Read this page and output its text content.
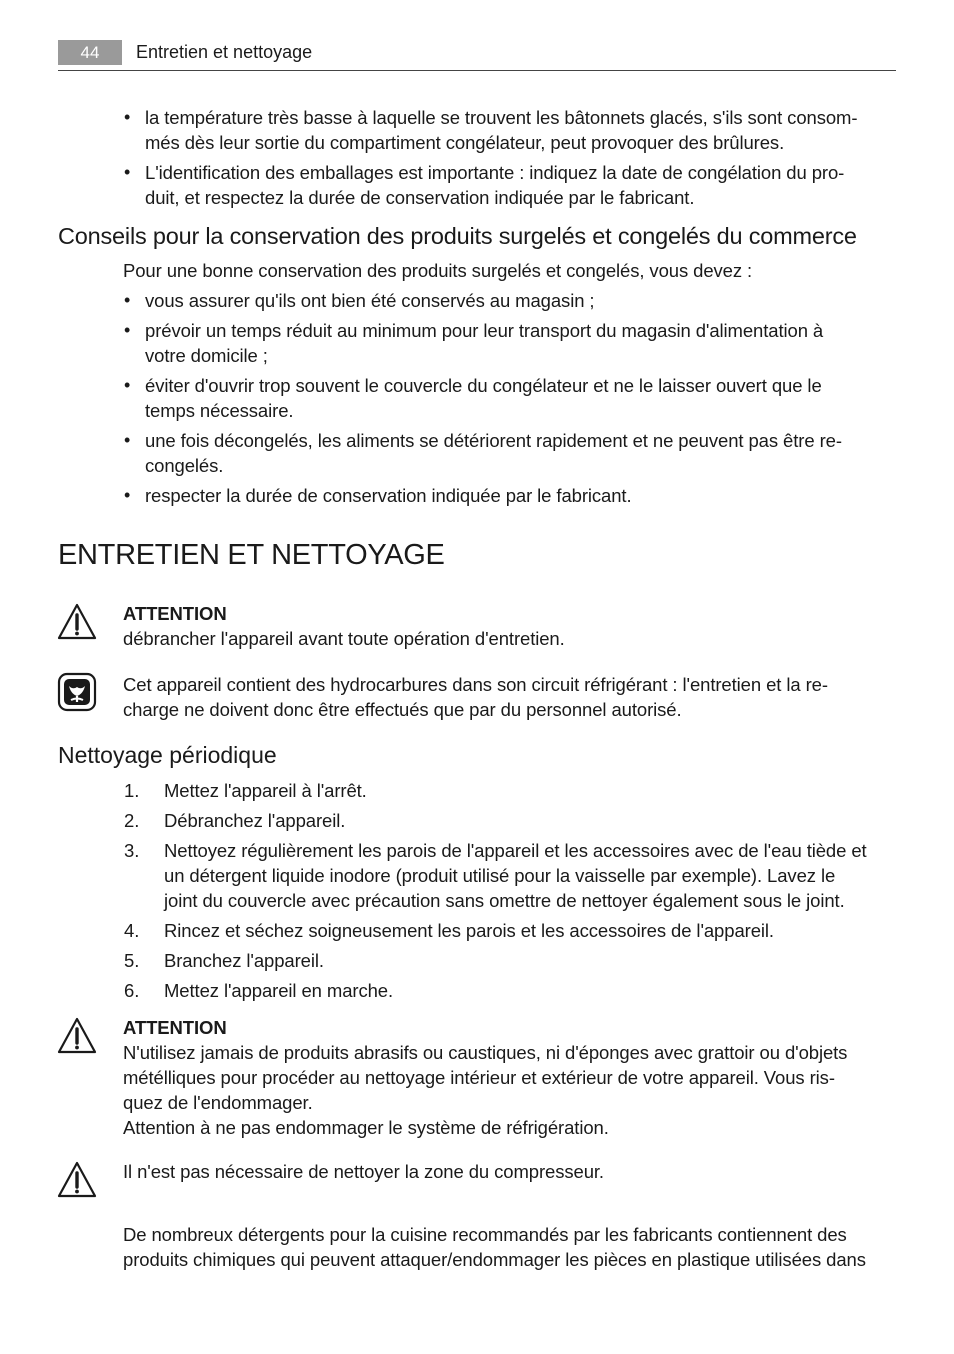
44	Entretien et nettoyage
• la température très basse à laquelle se trouvent les bâtonnets glacés, s'ils sont consom-
més dès leur sortie du compartiment congélateur, peut provoquer des brûlures.
• L'identification des emballages est importante : indiquez la date de congélation du pro-
duit, et respectez la durée de conservation indiquée par le fabricant.
Conseils pour la conservation des produits surgelés et congelés du commerce
Pour une bonne conservation des produits surgelés et congelés, vous devez :
• vous assurer qu'ils ont bien été conservés au magasin ;
• prévoir un temps réduit au minimum pour leur transport du magasin d'alimentation à
votre domicile ;
• éviter d'ouvrir trop souvent le couvercle du congélateur et ne le laisser ouvert que le
temps nécessaire.
• une fois décongelés, les aliments se détériorent rapidement et ne peuvent pas être re-
congelés.
• respecter la durée de conservation indiquée par le fabricant.
ENTRETIEN ET NETTOYAGE
ATTENTION
débrancher l'appareil avant toute opération d'entretien.
Cet appareil contient des hydrocarbures dans son circuit réfrigérant : l'entretien et la re-
charge ne doivent donc être effectués que par du personnel autorisé.
Nettoyage périodique
1.	Mettez l'appareil à l'arrêt.
2.	Débranchez l'appareil.
3.	Nettoyez régulièrement les parois de l'appareil et les accessoires avec de l'eau tiède et
un détergent liquide inodore (produit utilisé pour la vaisselle par exemple). Lavez le
joint du couvercle avec précaution sans omettre de nettoyer également sous le joint.
4.	Rincez et séchez soigneusement les parois et les accessoires de l'appareil.
5.	Branchez l'appareil.
6.	Mettez l'appareil en marche.
ATTENTION
N'utilisez jamais de produits abrasifs ou caustiques, ni d'éponges avec grattoir ou d'objets
métélliques pour procéder au nettoyage intérieur et extérieur de votre appareil. Vous ris-
quez de l'endommager.
Attention à ne pas endommager le système de réfrigération.
Il n'est pas nécessaire de nettoyer la zone du compresseur.
De nombreux détergents pour la cuisine recommandés par les fabricants contiennent des
produits chimiques qui peuvent attaquer/endommager les pièces en plastique utilisées dans
